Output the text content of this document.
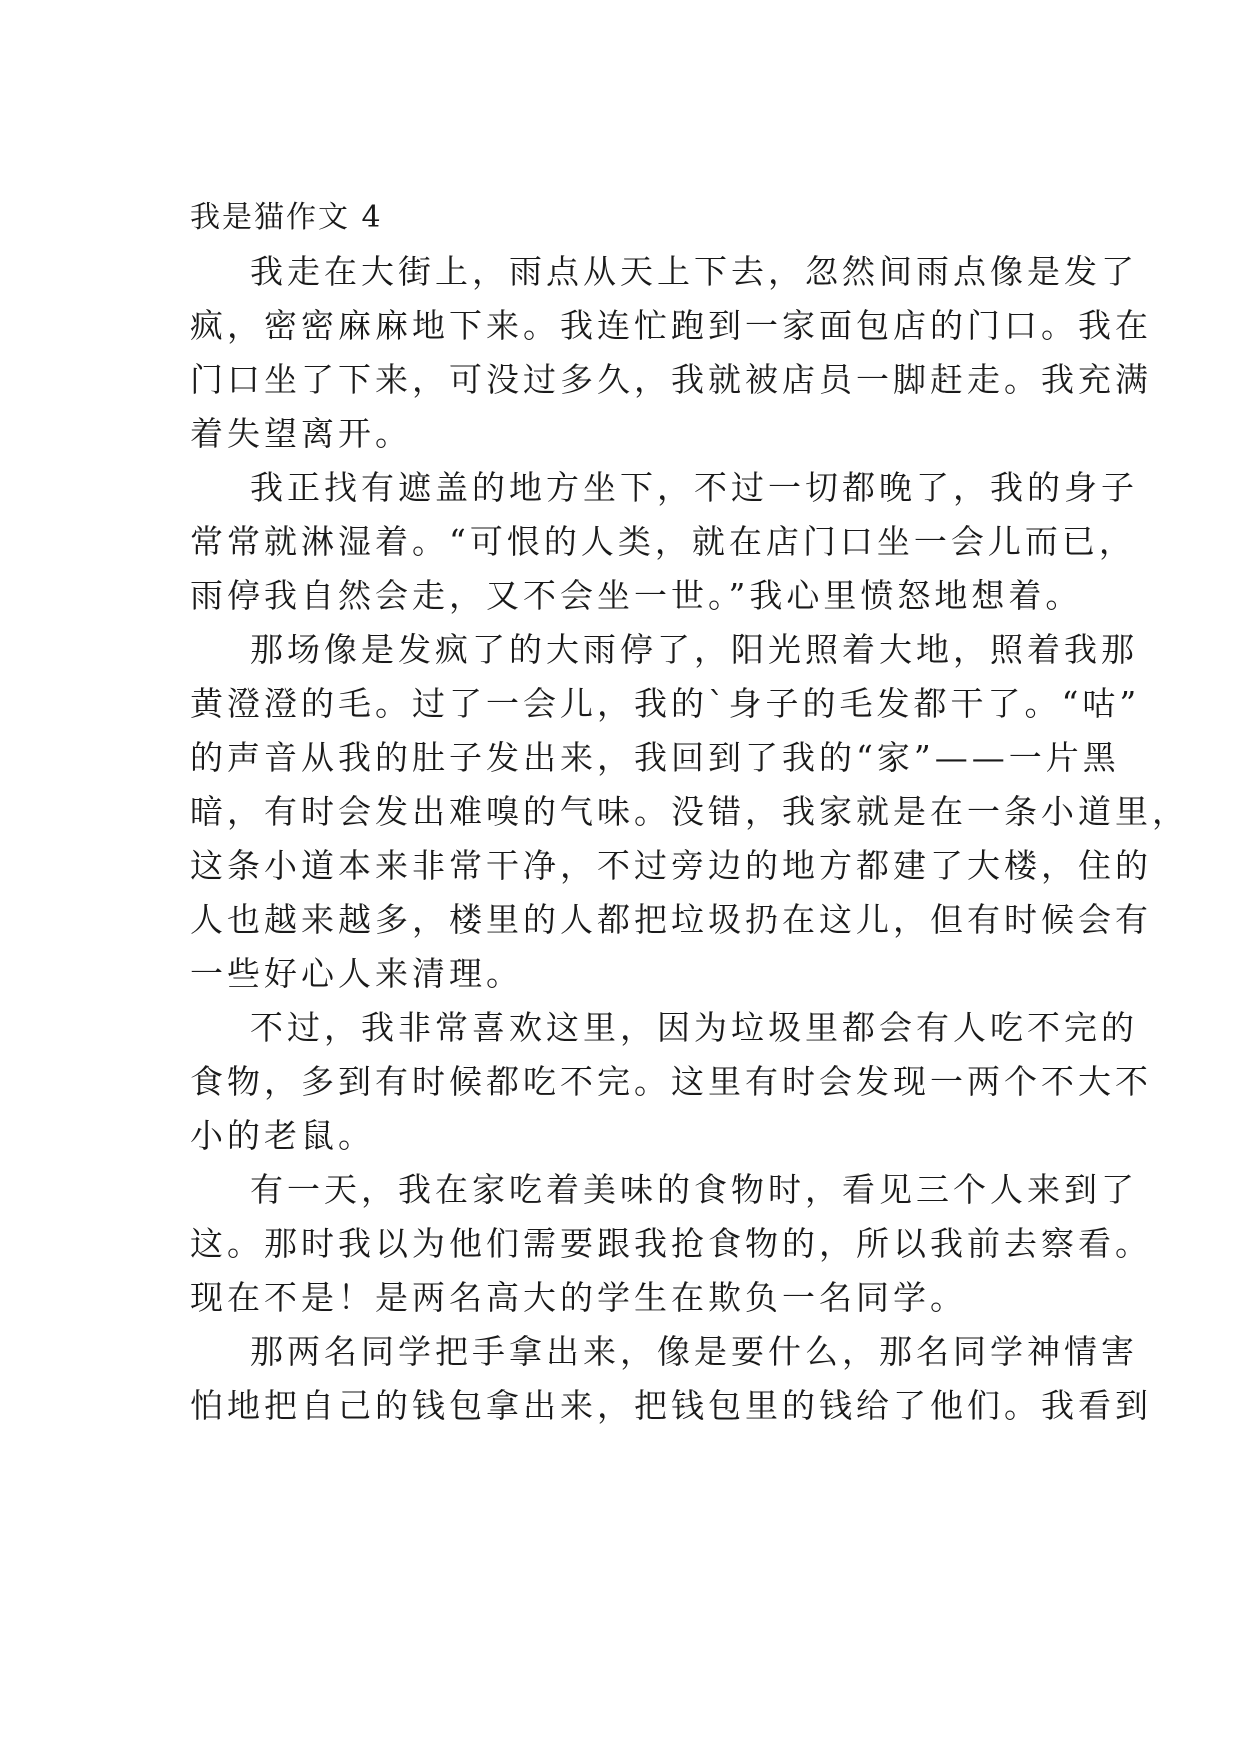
我是猫作文 4
我走在大街上，雨点从天上下去，忽然间雨点像是发了
疯，密密麻麻地下来。我连忙跑到一家面包店的门口。我在
门口坐了下来，可没过多久，我就被店员一脚赶走。我充满
着失望离开。
我正找有遮盖的地方坐下，不过一切都晚了，我的身子
常常就淋湿着。“可恨的人类，就在店门口坐一会儿而已，
雨停我自然会走，又不会坐一世。”我心里愤怒地想着。
那场像是发疯了的大雨停了，阳光照着大地，照着我那
黄澄澄的毛。过了一会儿，我的`身子的毛发都干了。“咕”
的声音从我的肚子发出来，我回到了我的“家”——一片黑
暗，有时会发出难嗅的气味。没错，我家就是在一条小道里，
这条小道本来非常干净，不过旁边的地方都建了大楼，住的
人也越来越多，楼里的人都把垃圾扔在这儿，但有时候会有
一些好心人来清理。
不过，我非常喜欢这里，因为垃圾里都会有人吃不完的
食物，多到有时候都吃不完。这里有时会发现一两个不大不
小的老鼠。
有一天，我在家吃着美味的食物时，看见三个人来到了
这。那时我以为他们需要跟我抢食物的，所以我前去察看。
现在不是！是两名高大的学生在欺负一名同学。
那两名同学把手拿出来，像是要什么，那名同学神情害
怕地把自己的钱包拿出来，把钱包里的钱给了他们。我看到
